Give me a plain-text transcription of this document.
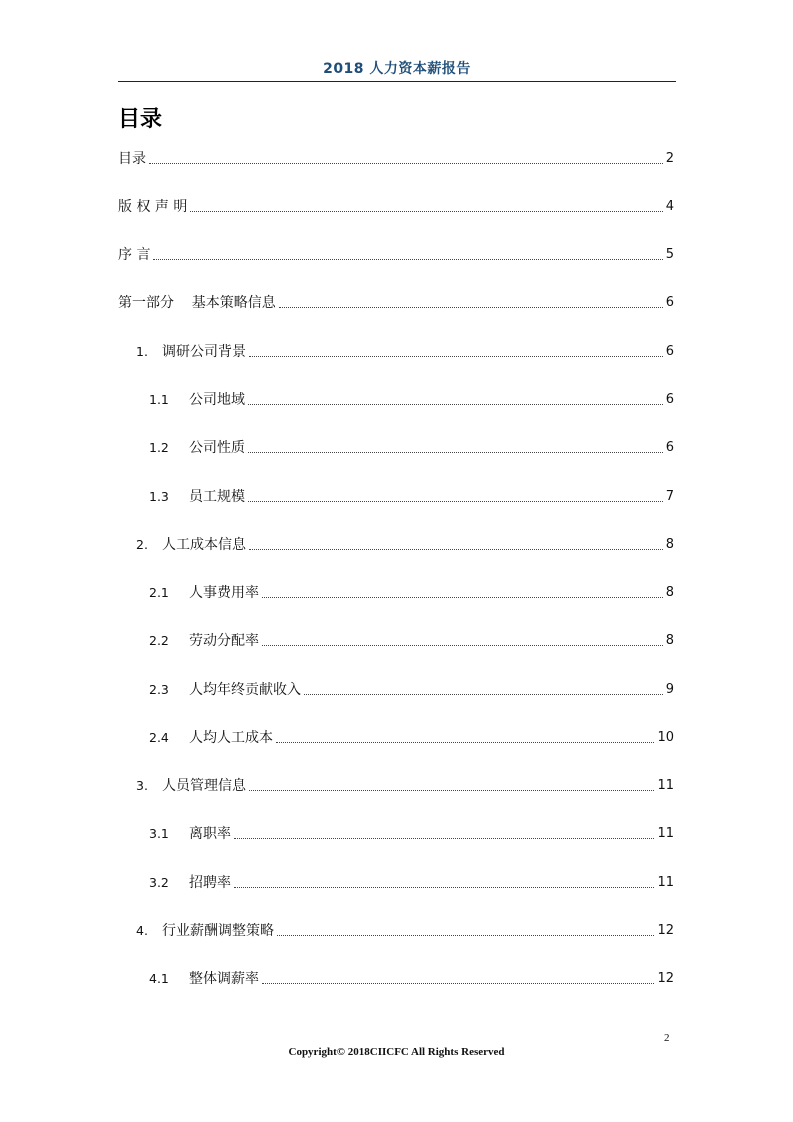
2018 人力资本薪报告
目录
目录	2
版 权 声 明	4
序 言	5
第一部分    基本策略信息	6
1.	调研公司背景	6
1.1	公司地域	6
1.2	公司性质	6
1.3	员工规模	7
2.	人工成本信息	8
2.1	人事费用率	8
2.2	劳动分配率	8
2.3	人均年终贡献收入	9
2.4	人均人工成本	10
3.	人员管理信息	11
3.1	离职率	11
3.2	招聘率	11
4.	行业薪酬调整策略	12
4.1	整体调薪率	12
2
Copyright© 2018CIICFC All Rights Reserved
